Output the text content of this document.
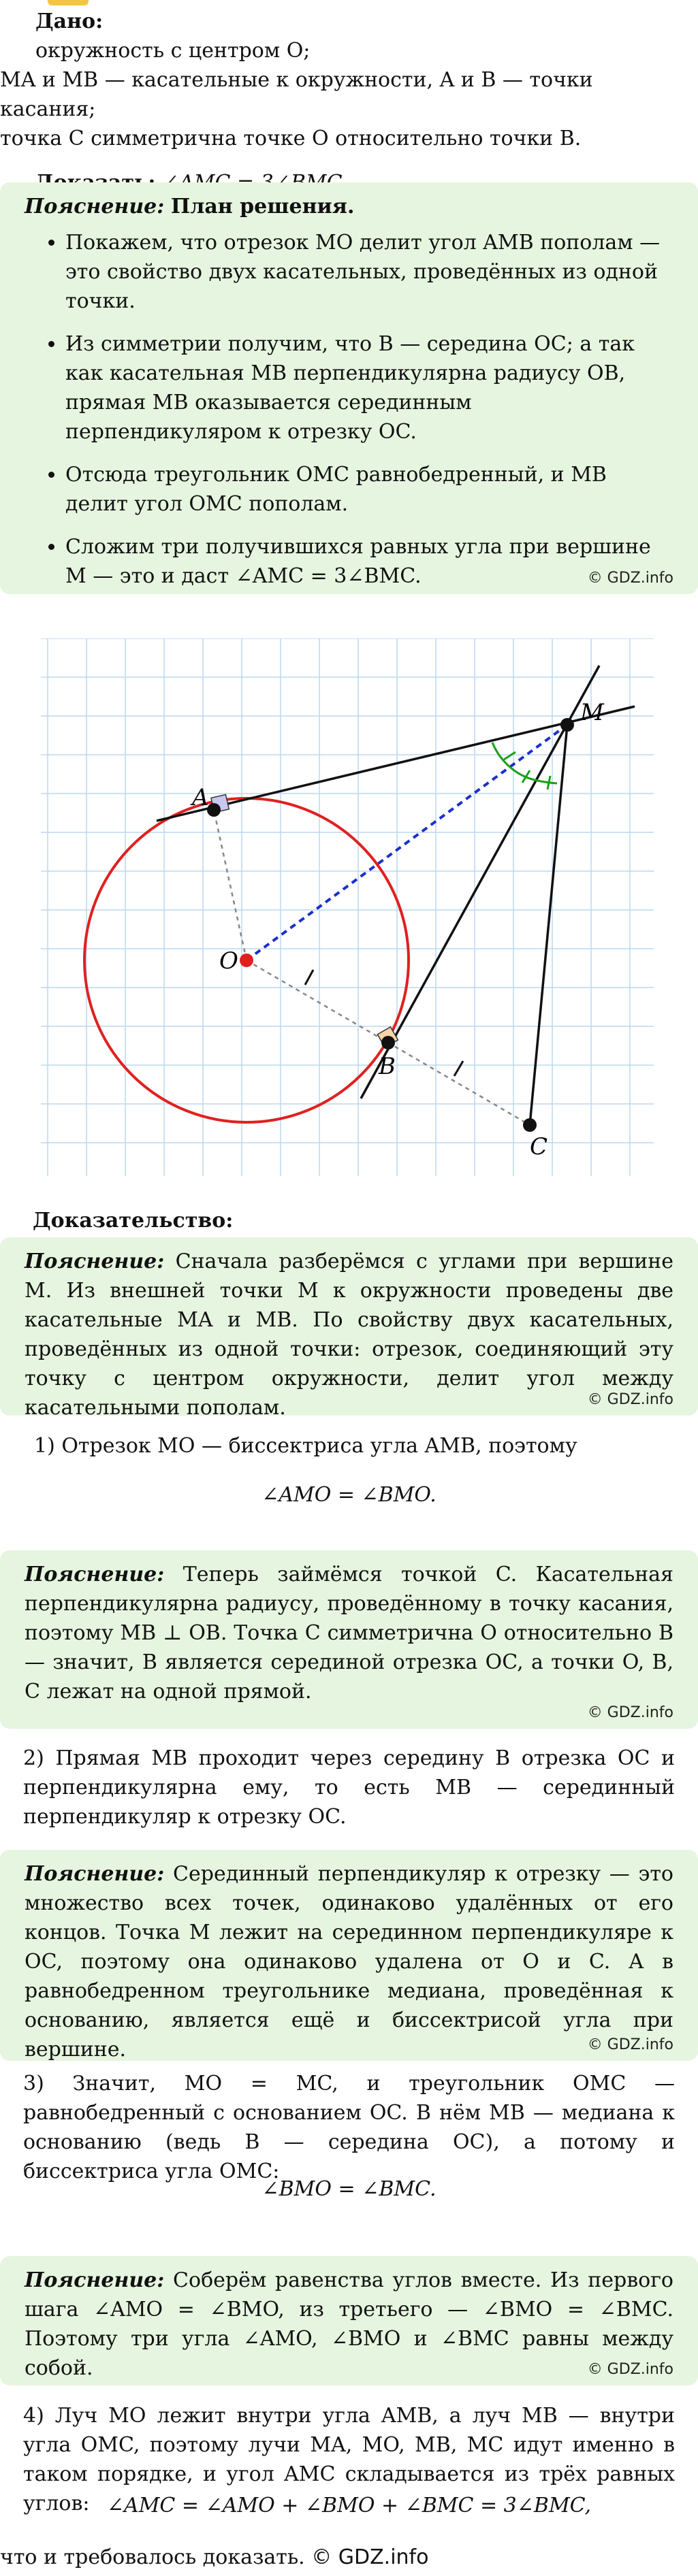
Дано:
окружность с центром O;
MA и MB — касательные к окружности, A и B — точки касания;
точка C симметрична точке O относительно точки B.
Пояснение: План решения.
• Покажем, что отрезок MO делит угол AMB пополам — это свойство двух касательных, проведённых из одной точки.
• Из симметрии получим, что B — середина OC; а так как касательная MB перпендикулярна радиусу OB, прямая MB оказывается серединным перпендикуляром к отрезку OC.
• Отсюда треугольник OMC равнобедренный, и MB делит угол OMC пополам.
• Сложим три получившихся равных угла при вершине M — это и даст ∠AMC = 3∠BMC.	© GDZ.info
A
M
O
B
C
Доказательство:
Пояснение: Сначала разберёмся с углами при вершине M. Из внешней точки M к окружности проведены две касательные MA и MB. По свойству двух касательных, проведённых из одной точки: отрезок, соединяющий эту точку с центром окружности, делит угол между касательными пополам.	© GDZ.info
1) Отрезок MO — биссектриса угла AMB, поэтому
∠AMO = ∠BMO.
Пояснение: Теперь займёмся точкой C. Касательная перпендикулярна радиусу, проведённому в точку касания, поэтому MB ⊥ OB. Точка C симметрична O относительно B — значит, B является серединой отрезка OC, а точки O, B, C лежат на одной прямой.
© GDZ.info
2) Прямая MB проходит через середину B отрезка OC и перпендикулярна ему, то есть MB — серединный перпендикуляр к отрезку OC.
Пояснение: Серединный перпендикуляр к отрезку — это множество всех точек, одинаково удалённых от его концов. Точка M лежит на серединном перпендикуляре к OC, поэтому она одинаково удалена от O и C. А в равнобедренном треугольнике медиана, проведённая к основанию, является ещё и биссектрисой угла при вершине.	© GDZ.info
3) Значит, MO = MC, и треугольник OMC — равнобедренный с основанием OC. В нём MB — медиана к основанию (ведь B — середина OC), а потому и биссектриса угла OMC:
∠BMO = ∠BMC.
Пояснение: Соберём равенства углов вместе. Из первого шага ∠AMO = ∠BMO, из третьего — ∠BMO = ∠BMC. Поэтому три угла ∠AMO, ∠BMO и ∠BMC равны между собой.	© GDZ.info
4) Луч MO лежит внутри угла AMB, а луч MB — внутри угла OMC, поэтому лучи MA, MO, MB, MC идут именно в таком порядке, и угол AMC складывается из трёх равных углов: ∠AMC = ∠AMO + ∠BMO + ∠BMC = 3∠BMC,
что и требовалось доказать. © GDZ.info
